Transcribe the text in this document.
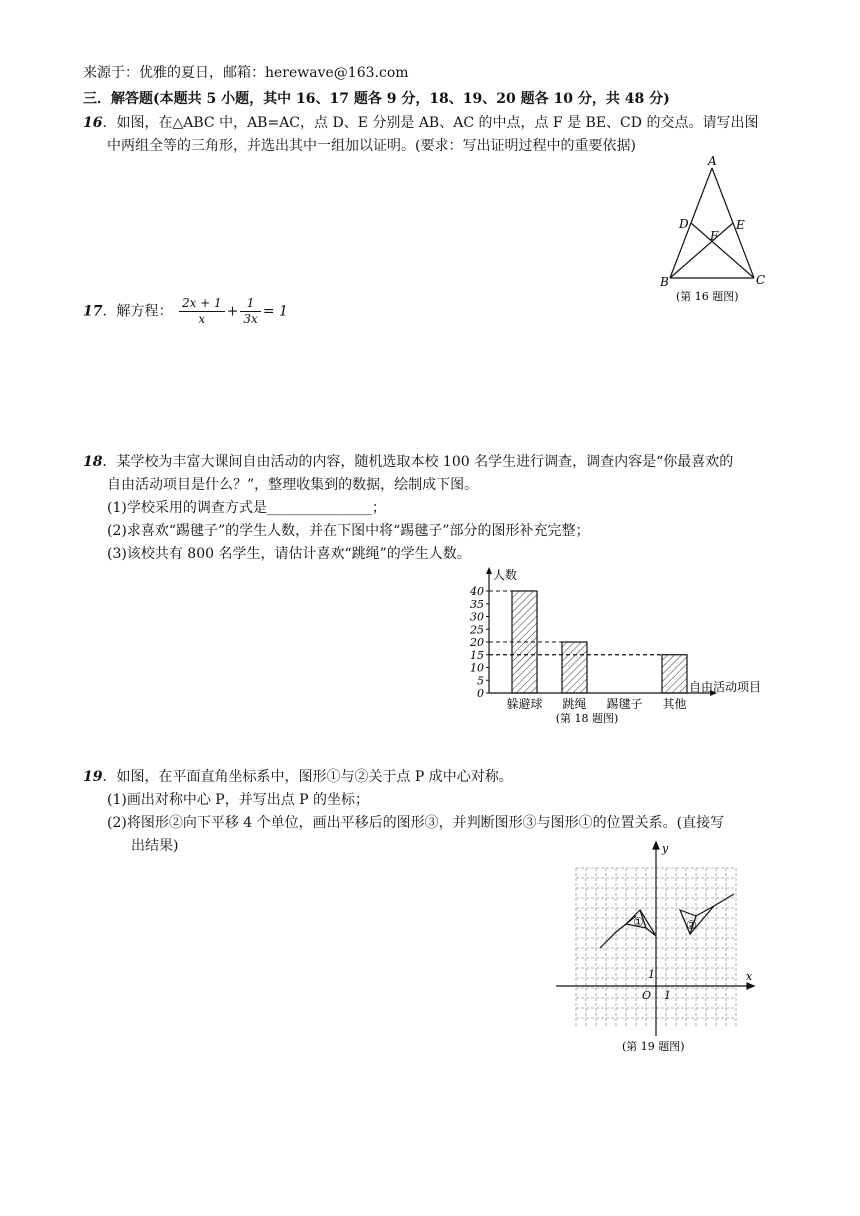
来源于：优雅的夏日，邮箱：herewave@163.com
三．解答题(本题共 5 小题，其中 16、17 题各 9 分，18、19、20 题各 10 分，共 48 分)
16．如图，在△ABC 中，AB=AC，点 D、E 分别是 AB、AC 的中点，点 F 是 BE、CD 的交点。请写出图
中两组全等的三角形，并选出其中一组加以证明。(要求：写出证明过程中的重要依据)
A
B	C
D	E
F
(第 16 题图)
17．解方程： $\frac{2x + 1}{x} + \frac{1}{3x} = 1$
18．某学校为丰富大课间自由活动的内容，随机选取本校 100 名学生进行调查，调查内容是“你最喜欢的
自由活动项目是什么？”，整理收集到的数据，绘制成下图。
(1)学校采用的调查方式是_______________；
(2)求喜欢“踢毽子”的学生人数，并在下图中将“踢毽子”部分的图形补充完整；
(3)该校共有 800 名学生，请估计喜欢“跳绳”的学生人数。
人数
自由活动项目
0
5
10
15
20
25
30
35
40
躲避球 跳绳 踢毽子 其他
(第 18 题图)
19．如图，在平面直角坐标系中，图形①与②关于点 P 成中心对称。
(1)画出对称中心 P，并写出点 P 的坐标；
(2)将图形②向下平移 4 个单位，画出平移后的图形③，并判断图形③与图形①的位置关系。(直接写
出结果)	y
x
O 1
1
①	②
(第 19 题图)
